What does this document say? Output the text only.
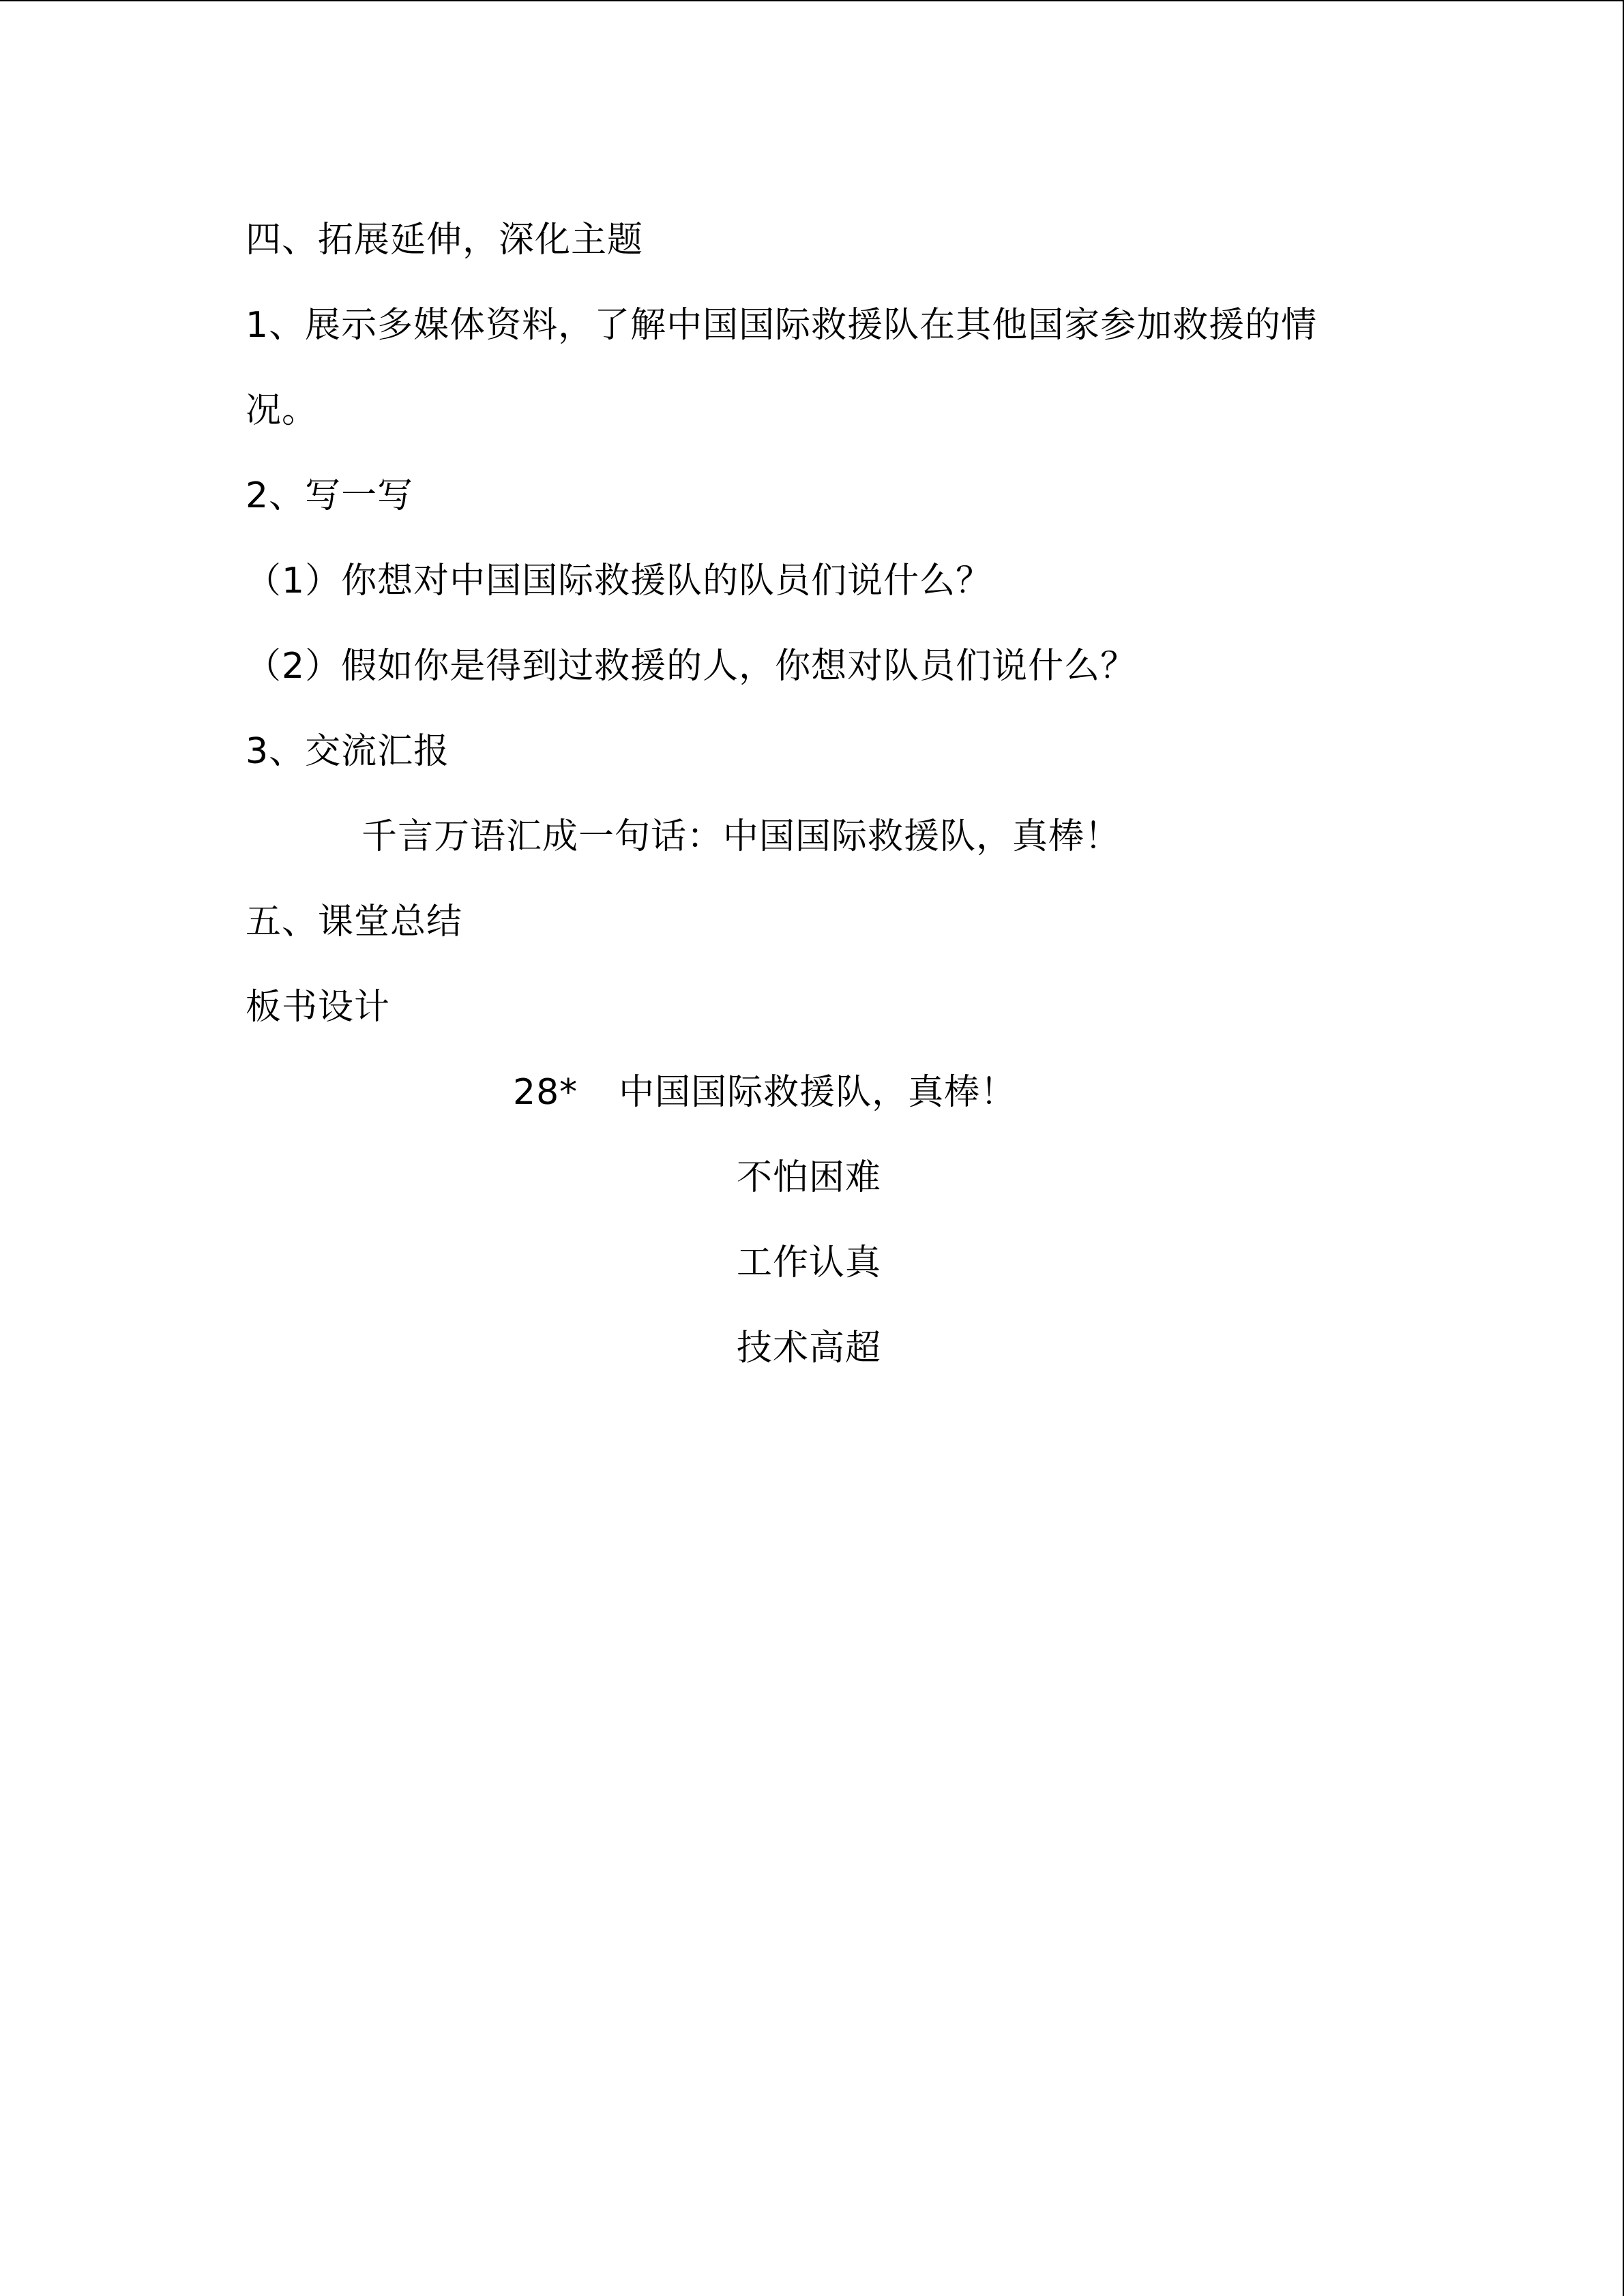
四、拓展延伸，深化主题
1、展示多媒体资料，了解中国国际救援队在其他国家参加救援的情
况。
2、写一写
（1）你想对中国国际救援队的队员们说什么？
（2）假如你是得到过救援的人，你想对队员们说什么？
3、交流汇报
千言万语汇成一句话：中国国际救援队，真棒！
五、课堂总结
板书设计
28* 中国国际救援队，真棒！
不怕困难
工作认真
技术高超
